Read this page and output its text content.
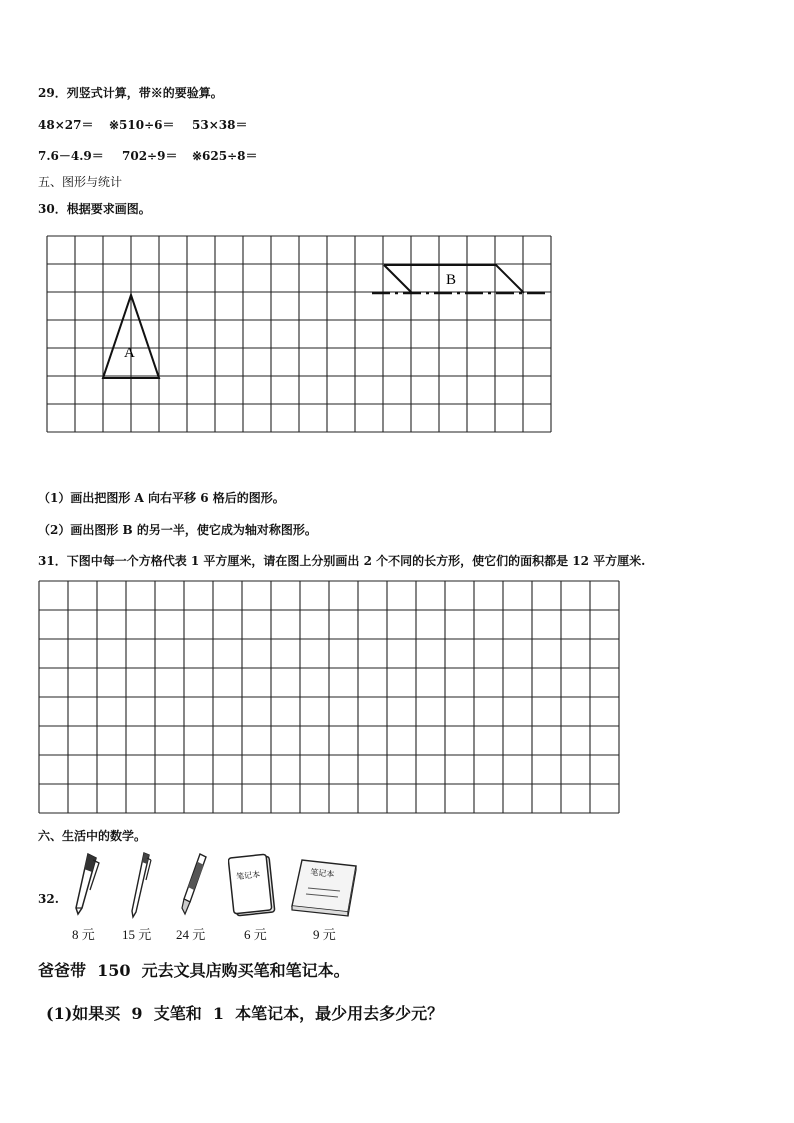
29．列竖式计算，带※的要验算。
48×27＝ ※510÷6＝ 53×38＝
7.6－4.9＝ 702÷9＝ ※625÷8＝
五、图形与统计
30．根据要求画图。
A
B
（1）画出把图形 A 向右平移 6 格后的图形。
（2）画出图形 B 的另一半，使它成为轴对称图形。
31．下图中每一个方格代表 1 平方厘米，请在图上分别画出 2 个不同的长方形，使它们的面积都是 12 平方厘米.
六、生活中的数学。
32.
笔记本	笔记本
8 元 15 元 24 元	6 元	9 元
爸爸带  150  元去文具店购买笔和笔记本。
(1)如果买  9  支笔和  1  本笔记本，最少用去多少元？
